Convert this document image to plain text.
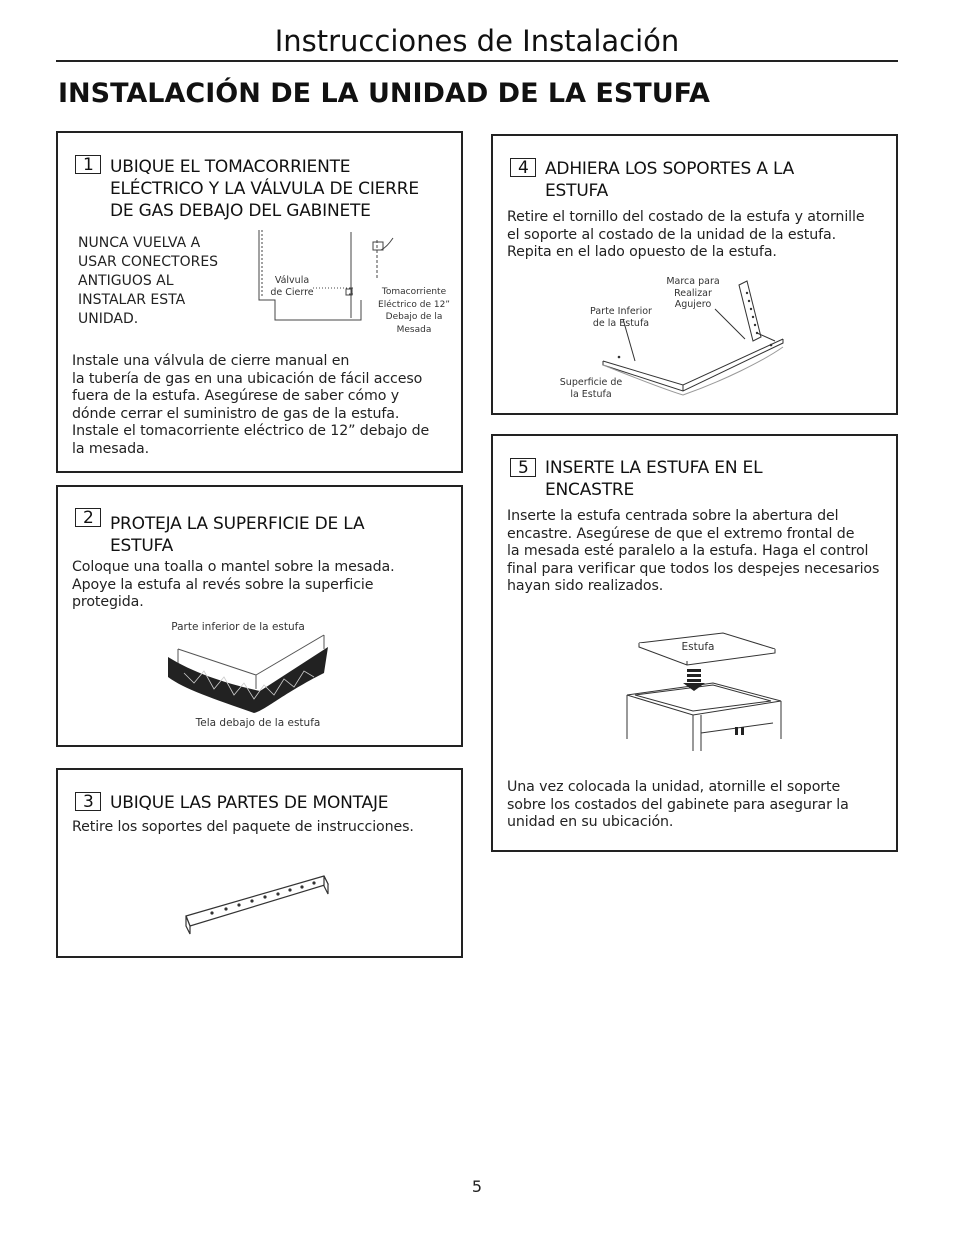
Instrucciones de Instalación
INSTALACIÓN DE LA UNIDAD DE LA ESTUFA
1 UBIQUE EL TOMACORRIENTE
ELÉCTRICO Y LA VÁLVULA DE CIERRE
DE GAS DEBAJO DEL GABINETE
NUNCA VUELVA A
USAR CONECTORES
ANTIGUOS AL
INSTALAR ESTA
UNIDAD.
Válvula
de Cierre	Tomacorriente
Eléctrico de 12”
Debajo de la
Mesada
Instale una válvula de cierre manual en
la tubería de gas en una ubicación de fácil acceso
fuera de la estufa. Asegúrese de saber cómo y
dónde cerrar el suministro de gas de la estufa.
Instale el tomacorriente eléctrico de 12” debajo de
la mesada.
2 PROTEJA LA SUPERFICIE DE LA
ESTUFA
Coloque una toalla o mantel sobre la mesada.
Apoye la estufa al revés sobre la superficie
protegida.
Parte inferior de la estufa
Tela debajo de la estufa
3 UBIQUE LAS PARTES DE MONTAJE
Retire los soportes del paquete de instrucciones.
4 ADHIERA LOS SOPORTES A LA
ESTUFA
Retire el tornillo del costado de la estufa y atornille
el soporte al costado de la unidad de la estufa.
Repita en el lado opuesto de la estufa.
Marca para
Realizar
Agujero
Parte Inferior
de la Estufa
Superficie de
la Estufa
5 INSERTE LA ESTUFA EN EL
ENCASTRE
Inserte la estufa centrada sobre la abertura del
encastre. Asegúrese de que el extremo frontal de
la mesada esté paralelo a la estufa. Haga el control
final para verificar que todos los despejes necesarios
hayan sido realizados.
Estufa
Una vez colocada la unidad, atornille el soporte
sobre los costados del gabinete para asegurar la
unidad en su ubicación.
5
